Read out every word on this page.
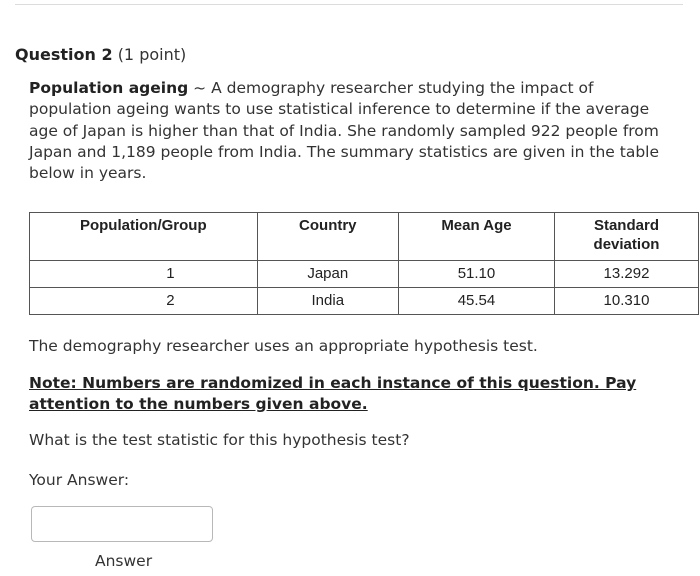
Question 2 (1 point)
Population ageing ~ A demography researcher studying the impact of population ageing wants to use statistical inference to determine if the average age of Japan is higher than that of India. She randomly sampled 922 people from Japan and 1,189 people from India. The summary statistics are given in the table below in years.
Population/Group	Country	Mean Age	Standard
deviation
1	Japan	51.10	13.292
2	India	45.54	10.310
The demography researcher uses an appropriate hypothesis test.
Note: Numbers are randomized in each instance of this question. Pay attention to the numbers given above.
What is the test statistic for this hypothesis test?
Your Answer:
Answer
